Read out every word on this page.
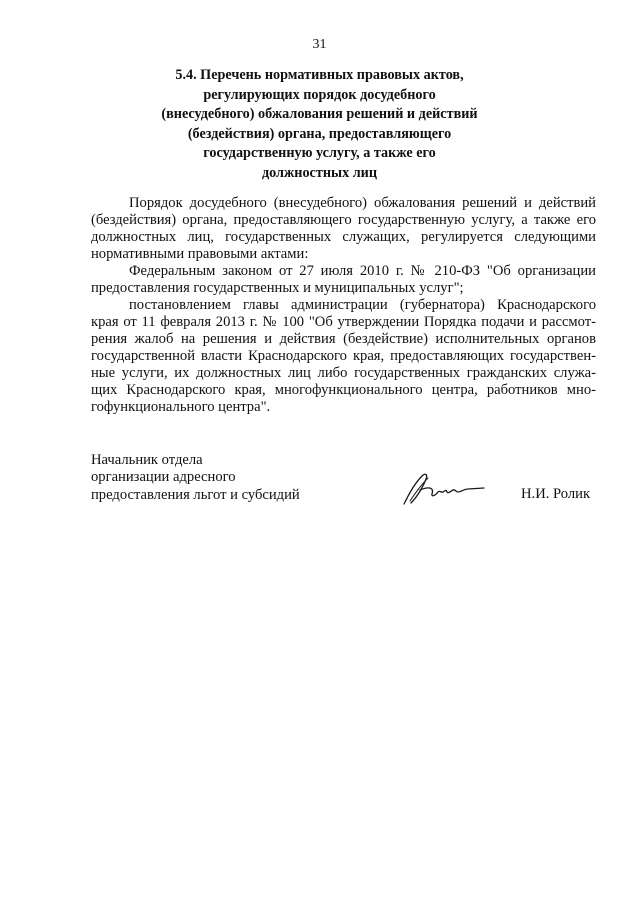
31
5.4. Перечень нормативных правовых актов,
регулирующих порядок досудебного
(внесудебного) обжалования решений и действий
(бездействия) органа, предоставляющего
государственную услугу, а также его
должностных лиц
Порядок досудебного (внесудебного) обжалования решений и действий
(бездействия) органа, предоставляющего государственную услугу, а также его
должностных лиц, государственных служащих, регулируется следующими
нормативными правовыми актами:
Федеральным законом от 27 июля 2010 г. № 210-ФЗ "Об организации
предоставления государственных и муниципальных услуг";
постановлением главы администрации (губернатора) Краснодарского
края от 11 февраля 2013 г. № 100 "Об утверждении Порядка подачи и рассмот-
рения жалоб на решения и действия (бездействие) исполнительных органов
государственной власти Краснодарского края, предоставляющих государствен-
ные услуги, их должностных лиц либо государственных гражданских служа-
щих Краснодарского края, многофункционального центра, работников мно-
гофункционального центра".
Начальник отдела
организации адресного
предоставления льгот и субсидий	Н.И. Ролик
